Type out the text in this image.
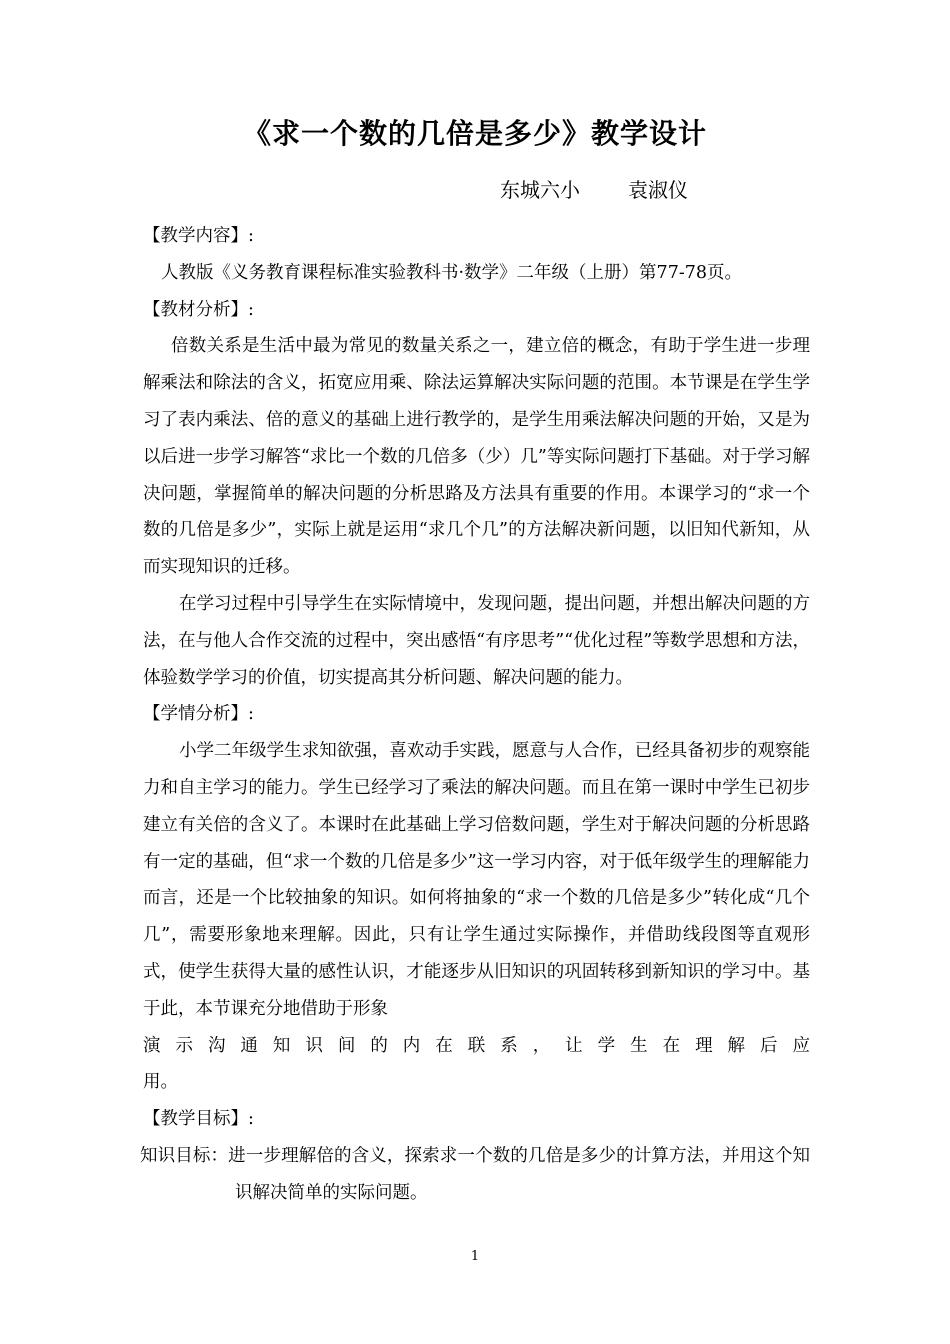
《求一个数的几倍是多少》教学设计
东城六小 袁淑仪

【教学内容】:

人教版《义务教育课程标准实验教科书·数学》二年级（上册）第77-78页。

【教材分析】:

倍数关系是生活中最为常见的数量关系之一，建立倍的概念，有助于学生进一步理解乘法和除法的含义，拓宽应用乘、除法运算解决实际问题的范围。本节课是在学生学习了表内乘法、倍的意义的基础上进行教学的，是学生用乘法解决问题的开始，又是为以后进一步学习解答“求比一个数的几倍多（少）几”等实际问题打下基础。对于学习解决问题，掌握简单的解决问题的分析思路及方法具有重要的作用。本课学习的“求一个数的几倍是多少”，实际上就是运用“求几个几”的方法解决新问题，以旧知代新知，从而实现知识的迁移。

在学习过程中引导学生在实际情境中，发现问题，提出问题，并想出解决问题的方法，在与他人合作交流的过程中，突出感悟“有序思考”“优化过程”等数学思想和方法，体验数学学习的价值，切实提高其分析问题、解决问题的能力。

【学情分析】:

小学二年级学生求知欲强，喜欢动手实践，愿意与人合作，已经具备初步的观察能力和自主学习的能力。学生已经学习了乘法的解决问题。而且在第一课时中学生已初步建立有关倍的含义了。本课时在此基础上学习倍数问题，学生对于解决问题的分析思路有一定的基础，但“求一个数的几倍是多少”这一学习内容，对于低年级学生的理解能力而言，还是一个比较抽象的知识。如何将抽象的“求一个数的几倍是多少”转化成“几个几”，需要形象地来理解。因此，只有让学生通过实际操作，并借助线段图等直观形式，使学生获得大量的感性认识，才能逐步从旧知识的巩固转移到新知识的学习中。基于此，本节课充分地借助于形象

演示沟通知识间的内在联系，让学生在理解后应

用。

【教学目标】:

知识目标：进一步理解倍的含义，探索求一个数的几倍是多少的计算方法，并用这个知识解决简单的实际问题。

1
